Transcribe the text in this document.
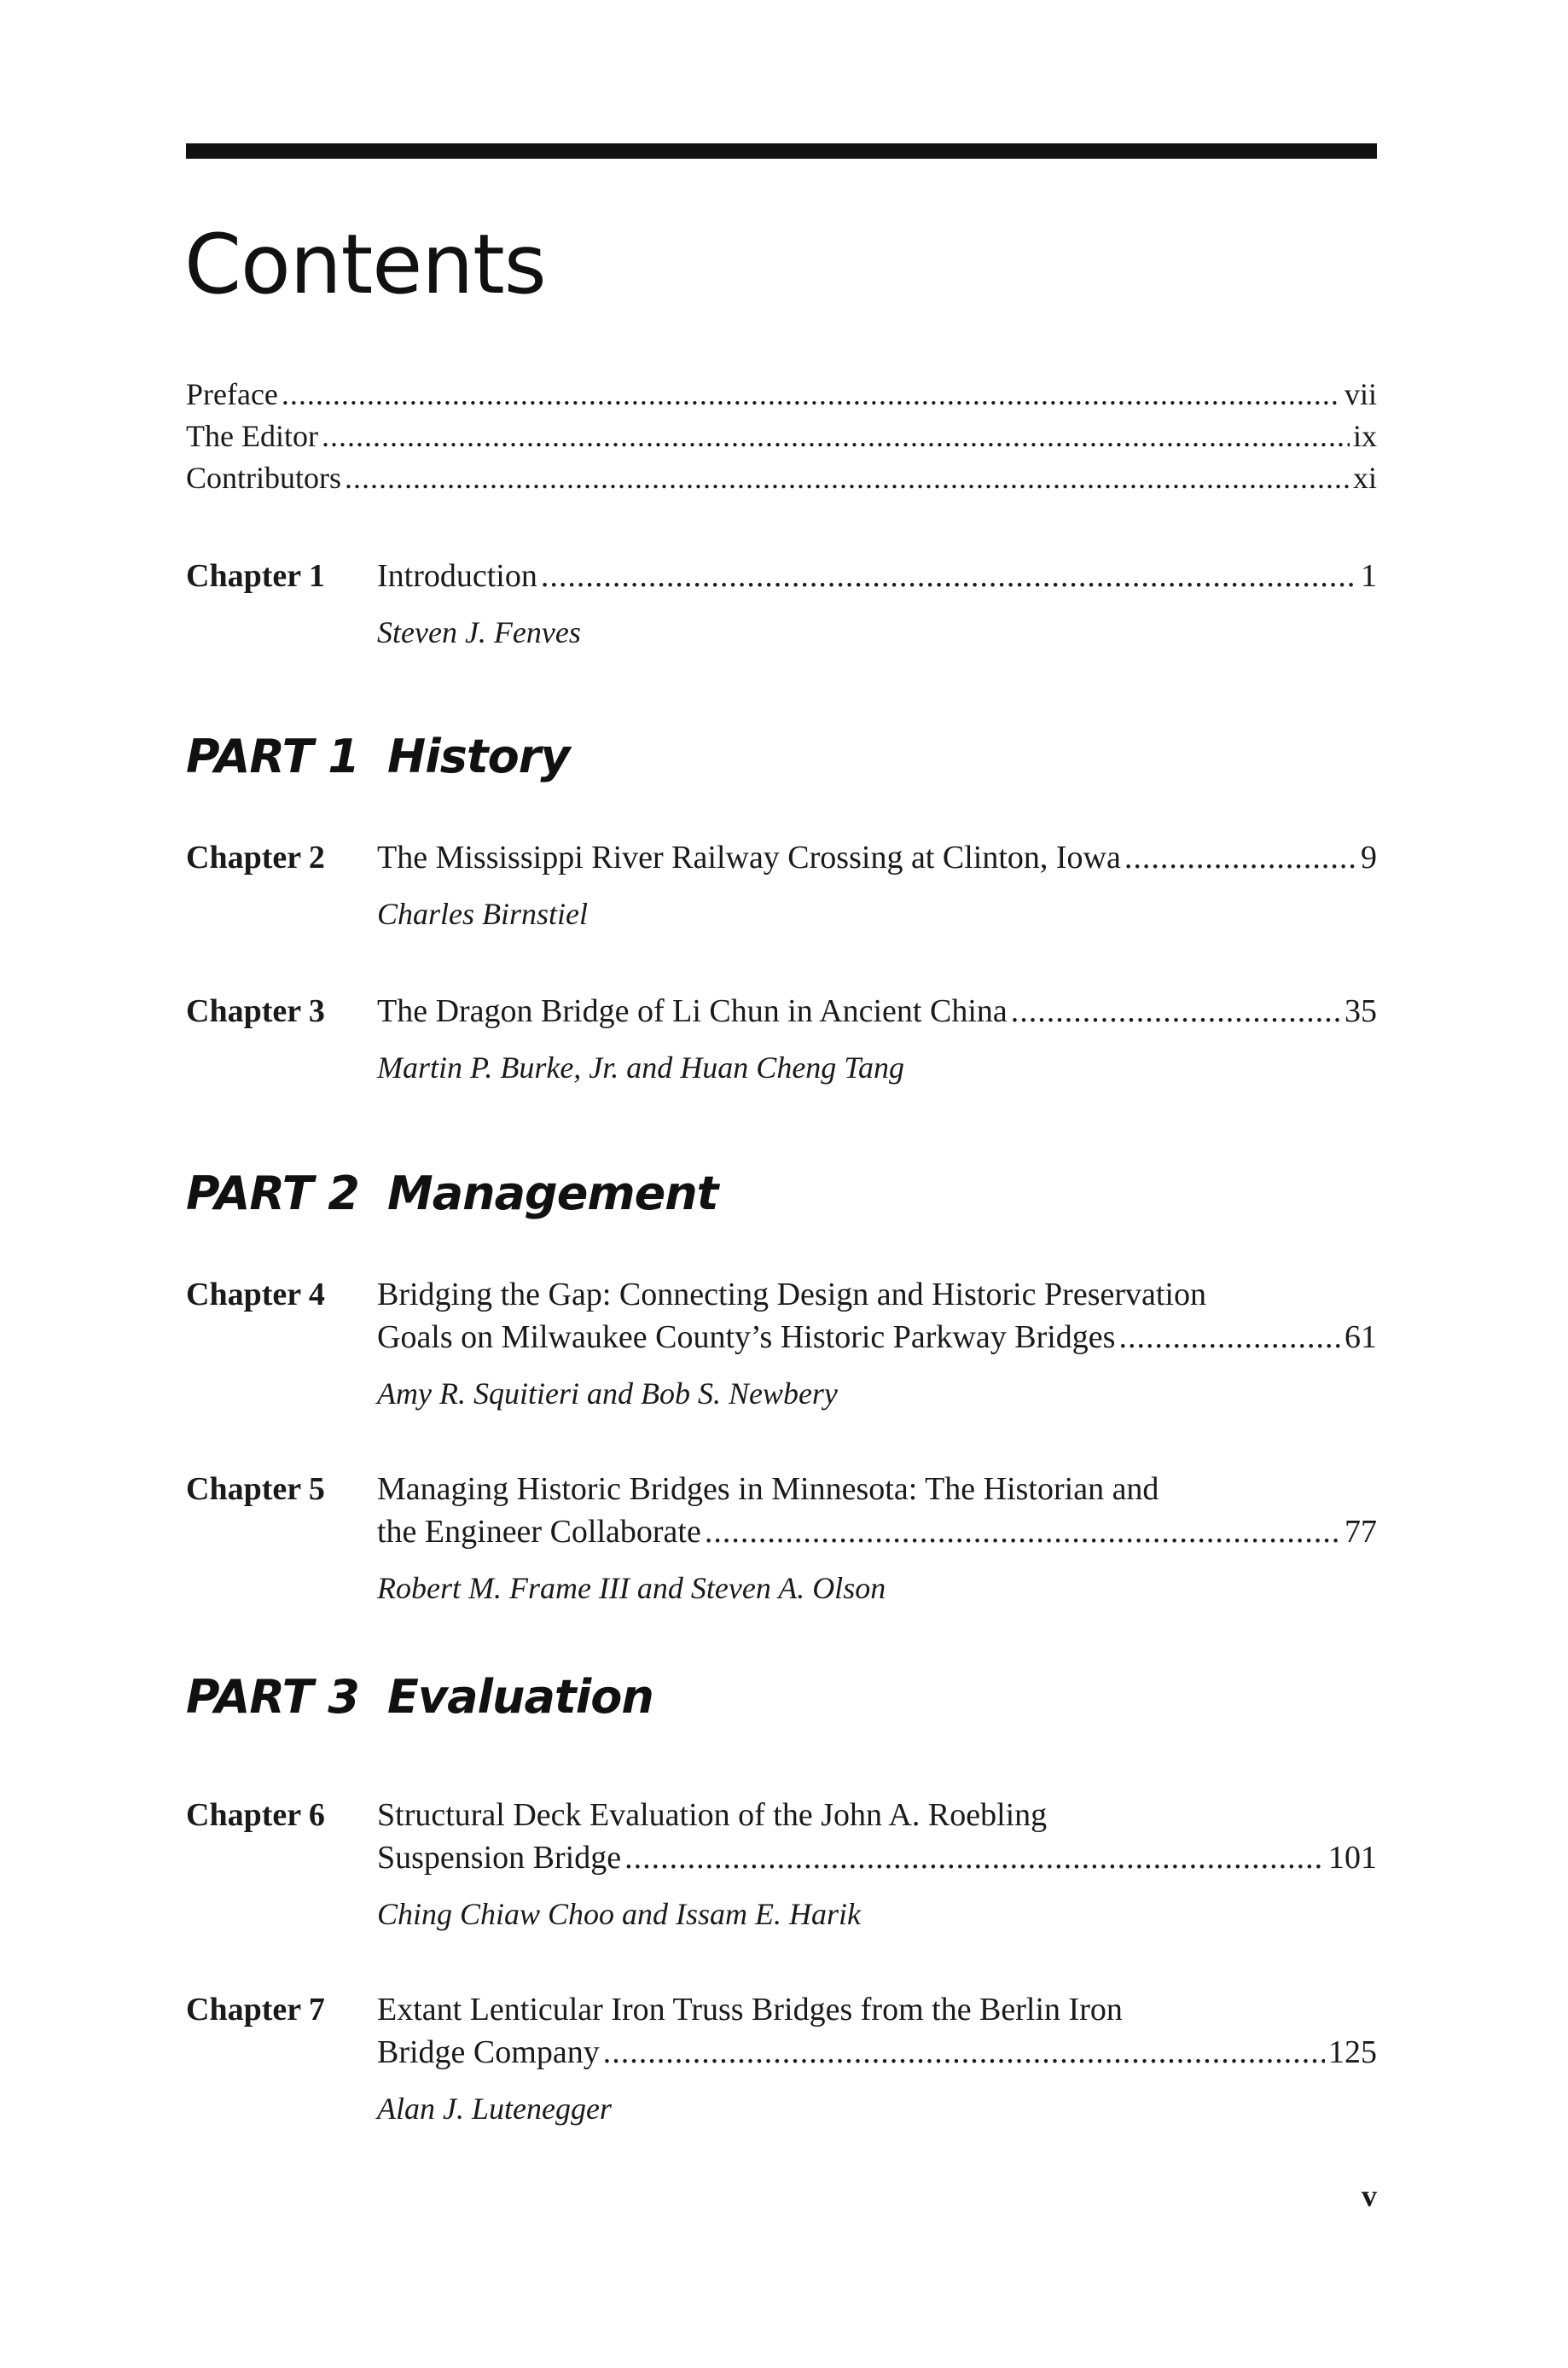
Contents
Preface .....	vii
The Editor .....	ix
Contributors .....	xi
Chapter 1 Introduction .....	1
Steven J. Fenves
PART 1 History
Chapter 2 The Mississippi River Railway Crossing at Clinton, Iowa .....	9
Charles Birnstiel
Chapter 3 The Dragon Bridge of Li Chun in Ancient China .....	35
Martin P. Burke, Jr. and Huan Cheng Tang
PART 2 Management
Chapter 4 Bridging the Gap: Connecting Design and Historic Preservation
Goals on Milwaukee County’s Historic Parkway Bridges .....	61
Amy R. Squitieri and Bob S. Newbery
Chapter 5 Managing Historic Bridges in Minnesota: The Historian and
the Engineer Collaborate .....	77
Robert M. Frame III and Steven A. Olson
PART 3 Evaluation
Chapter 6 Structural Deck Evaluation of the John A. Roebling
Suspension Bridge .....	101
Ching Chiaw Choo and Issam E. Harik
Chapter 7 Extant Lenticular Iron Truss Bridges from the Berlin Iron
Bridge Company .....	125
Alan J. Lutenegger
v
